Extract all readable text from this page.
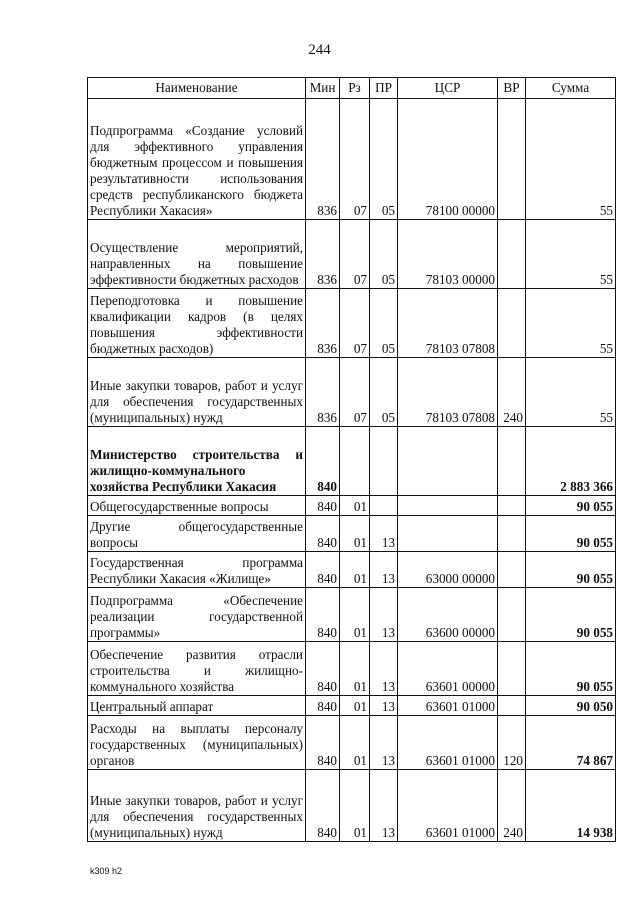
244
Наименование	Мин	Рз	ПР	ЦСР	ВР	Сумма
Подпрограмма «Создание условий для эффективного управления бюджетным процессом и повышения результативности использования средств республиканского бюджета Республики Хакасия»	836	07	05	78100 00000		55
Осуществление мероприятий, направленных на повышение эффективности бюджетных расходов	836	07	05	78103 00000		55
Переподготовка и повышение квалификации кадров (в целях повышения эффективности бюджетных расходов)	836	07	05	78103 07808		55
Иные закупки товаров, работ и услуг для обеспечения государственных (муниципальных) нужд	836	07	05	78103 07808	240	55
Министерство строительства и жилищно-коммунального хозяйства Республики Хакасия	840					2 883 366
Общегосударственные вопросы	840	01				90 055
Другие общегосударственные вопросы	840	01	13			90 055
Государственная программа Республики Хакасия «Жилище»	840	01	13	63000 00000		90 055
Подпрограмма «Обеспечение реализации государственной программы»	840	01	13	63600 00000		90 055
Обеспечение развития отрасли строительства и жилищно-коммунального хозяйства	840	01	13	63601 00000		90 055
Центральный аппарат	840	01	13	63601 01000		90 050
Расходы на выплаты персоналу государственных (муниципальных) органов	840	01	13	63601 01000	120	74 867
Иные закупки товаров, работ и услуг для обеспечения государственных (муниципальных) нужд	840	01	13	63601 01000	240	14 938
k309 h2
